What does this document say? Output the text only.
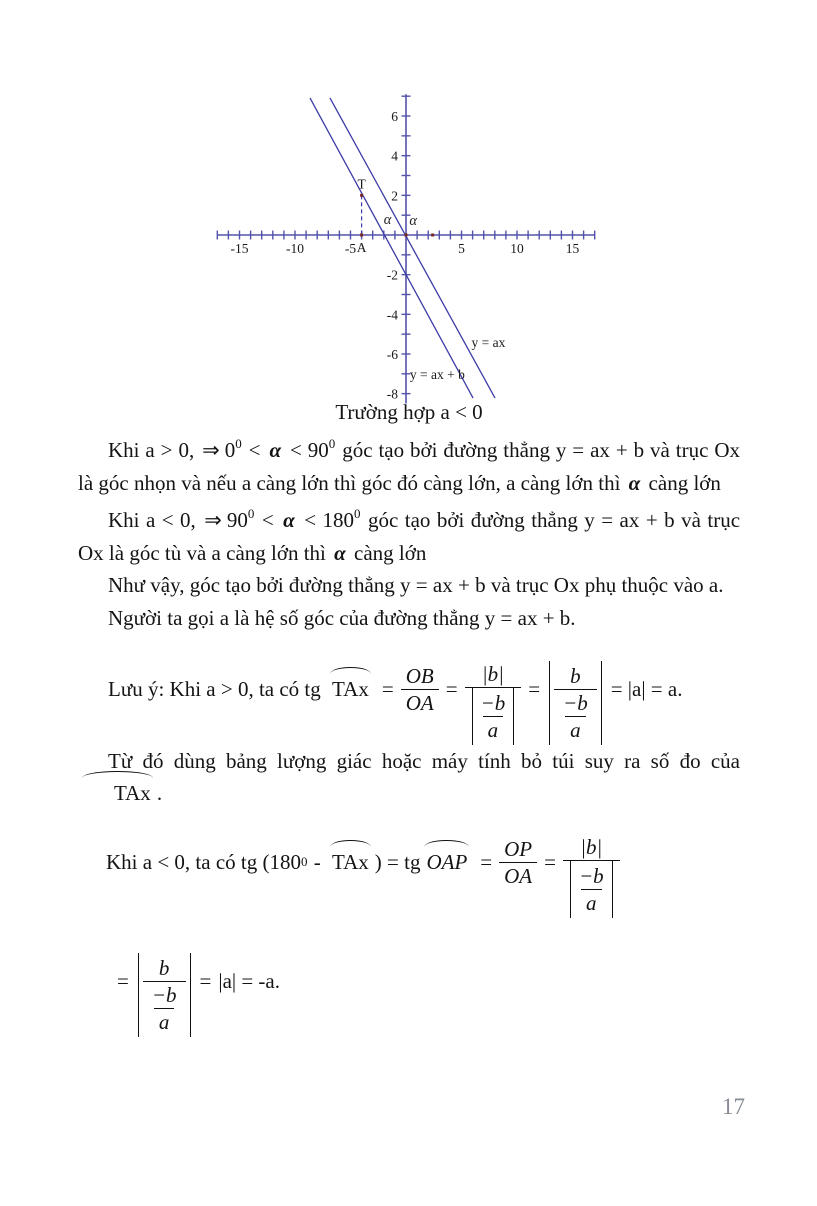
-15	-10	-5	5	10	15
6
4
2
-2
-4
-6
-8
y = ax
y = ax + b
T
A
α α
Trường hợp a < 0

Khi a > 0, ⇒ $0^0 < \alpha < 90^0$ góc tạo bởi đường thẳng y = ax + b và trục Ox là góc nhọn và nếu a càng lớn thì góc đó càng lớn, a càng lớn thì α càng lớn

Khi a < 0, ⇒ $90^0 < \alpha < 180^0$ góc tạo bởi đường thẳng y = ax + b và trục Ox là góc tù và a càng lớn thì α càng lớn

Như vậy, góc tạo bởi đường thẳng y = ax + b và trục Ox phụ thuộc vào a.

Người ta gọi a là hệ số góc của đường thẳng y = ax + b.

Lưu ý: Khi a > 0, ta có tg TAx = $\frac{OB}{OA} = \frac{|b|}{\frac{-b}{a}} = \frac{b}{\frac{-b}{a}} = |a| = a$.

Từ đó dùng bảng lượng giác hoặc máy tính bỏ túi suy ra số đo của TAx .

Khi a < 0, ta có tg ($180^0$ - TAx ) = tg OAP = $\frac{OP}{OA} = \frac{|b|}{\frac{-b}{a}}$
= $\frac{b}{\frac{-b}{a}} = |a| = -a$.
17
